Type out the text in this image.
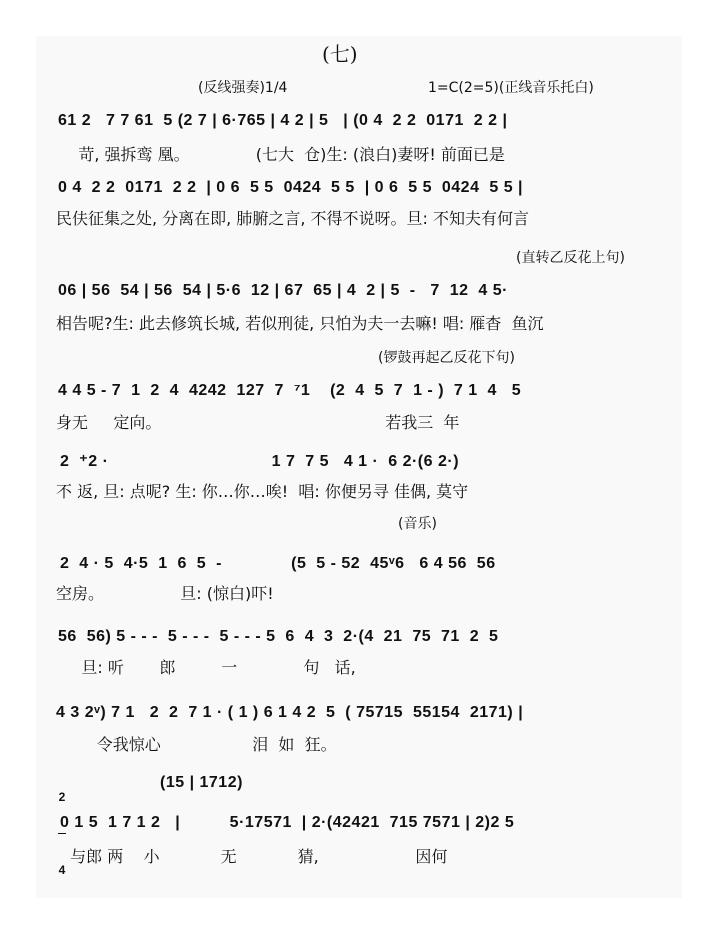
(七)
(反线强奏)1/4	1=C(2=5)(正线音乐托白)
61 2   7 7 61  5 (2 7 | 6·765 | 4 2 | 5   | (0 4  2 2  0171  2 2 |
苛, 强拆鸾 凰。             (七大  仓)生: (浪白)妻呀! 前面已是
0 4  2 2  0171  2 2  | 0 6  5 5  0424  5 5  | 0 6  5 5  0424  5 5 |
民伕征集之处, 分离在即, 肺腑之言, 不得不说呀。旦: 不知夫有何言
(直转乙反花上句)
06 | 56  54 | 56  54 | 5·6  12 | 67  65 | 4  2 | 5  -   7  12  4 5·
相告呢?生: 此去修筑长城, 若似刑徒, 只怕为夫一去嘛! 唱: 雁杳  鱼沉
(锣鼓再起乙反花下句)
4 4 5 - 7  1  2  4  4242  127  7  ⁷1    (2  4  5  7  1 - )  7 1  4   5
身无     定向。                                            若我三  年
2  ⁺2 ·                                 1 7  7 5   4 1 ·  6 2·(6 2·)
不 返, 旦: 点呢? 生: 你…你…唉!  唱: 你便另寻 佳偶, 莫守
(音乐)
2  4 · 5  4·5  1  6  5  -              (5  5 - 52  45ᵛ6   6 4 56  56
空房。               旦: (惊白)吓!
56  56) 5 - - -  5 - - -  5 - - - 5  6  4  3  2·(4  21  75  71  2  5
旦: 听       郎         一             句   话,
4 3 2ᵛ) 7 1   2  2  7 1 · ( 1 ) 6 1 4 2  5  ( 75715  55154  2171) |
令我惊心                  泪  如  狂。

2

4

(15 | 1712)
0 1 5  1 7 1 2   |          5·17571  | 2·(42421  715 7571 | 2)2 5
与郎 两    小            无            猜,                   因何
